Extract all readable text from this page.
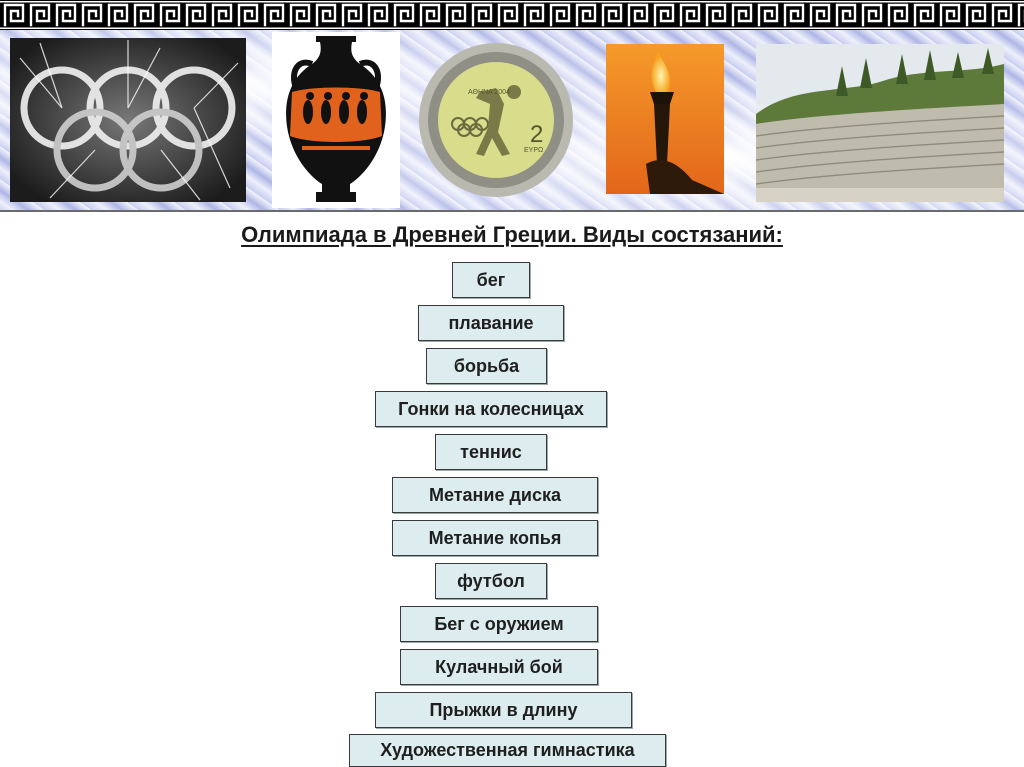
2
ΑΘΗΝΑ 2004
ΕΥΡΩ
Олимпиада в Древней Греции. Виды состязаний:
бег
плавание
борьба
Гонки на колесницах
теннис
Метание диска
Метание копья
футбол
Бег с оружием
Кулачный бой
Прыжки в длину
Художественная гимнастика
